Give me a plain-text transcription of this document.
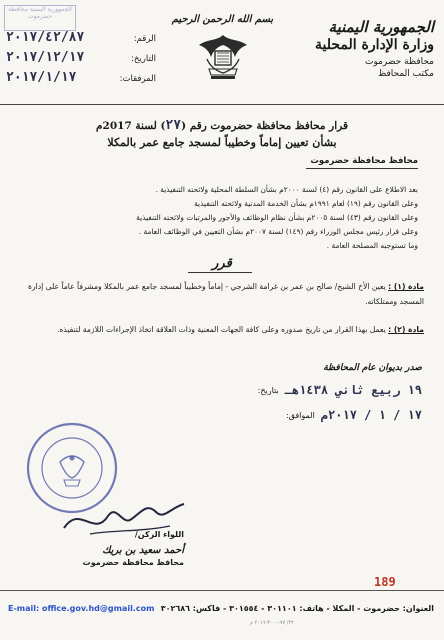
الجمهورية اليمنية محافظة حضرموت
الجمهورية اليمنية
وزارة الإدارة المحلية
محافظة حضرموت
مكتب المحافظ
بسم الله الرحمن الرحيم
الرقم:
٢٠١٧/٤٢/٨٧
التاريخ:
٢٠١٧/١٢/١٧
المرفقات:
٢٠١٧/١/١٧
قرار محافظ محافظة حضرموت رقم (٢٧) لسنة 2017م
بشأن تعيين إماماً وخطيباً لمسجد جامع عمر بالمكلا
محافظ محافظة حضرموت

بعد الاطلاع على القانون رقم (٤) لسنة ٢٠٠٠م بشأن السلطة المحلية ولائحته التنفيذية .

وعلى القانون رقم (١٩) لعام ١٩٩١م بشأن الخدمة المدنية ولائحته التنفيذية

وعلى القانون رقم (٤٣) لسنة ٢٠٠٥م بشأن نظام الوظائف والأجور والمرتبات ولائحته التنفيذية

وعلى قرار رئيس مجلس الوزراء رقم (١٤٩) لسنة ٢٠٠٧م بشأن التعيين في الوظائف العامة .

وما تستوجبه المصلحة العامة .

قرر
مادة (١) : يعين الأخ الشيخ/ صالح بن عمر بن غرامة الشرجي - إماماً وخطيباً لمسجد جامع عمر بالمكلا ومشرفاً عاماً على إدارة المسجد وممتلكاته.
مادة (٢) : يعمل بهذا القرار من تاريخ صدوره وعلى كافة الجهات المعنية وذات العلاقة اتخاذ الإجراءات اللازمة لتنفيذه.
صدر بديوان عام المحافظة
بتاريخ: ١٩ ربيع ثاني ١٤٣٨هـ
الموافق: ١٧ / ١ / ٢٠١٧م
اللواء الركن/
أحمد سعيد بن بريك
محافظ محافظة حضرموت
189
E-mail: office.gov.hd@gmail.com العنوان: حضرموت - المكلا - هاتف: ٣٠١١٠١ - ٣٠١٥٥٤ - فاكس: ٣٠٢٦٨٦
٢٢/ ٧٧-٣٠٠٠-٢٠١٦ م
